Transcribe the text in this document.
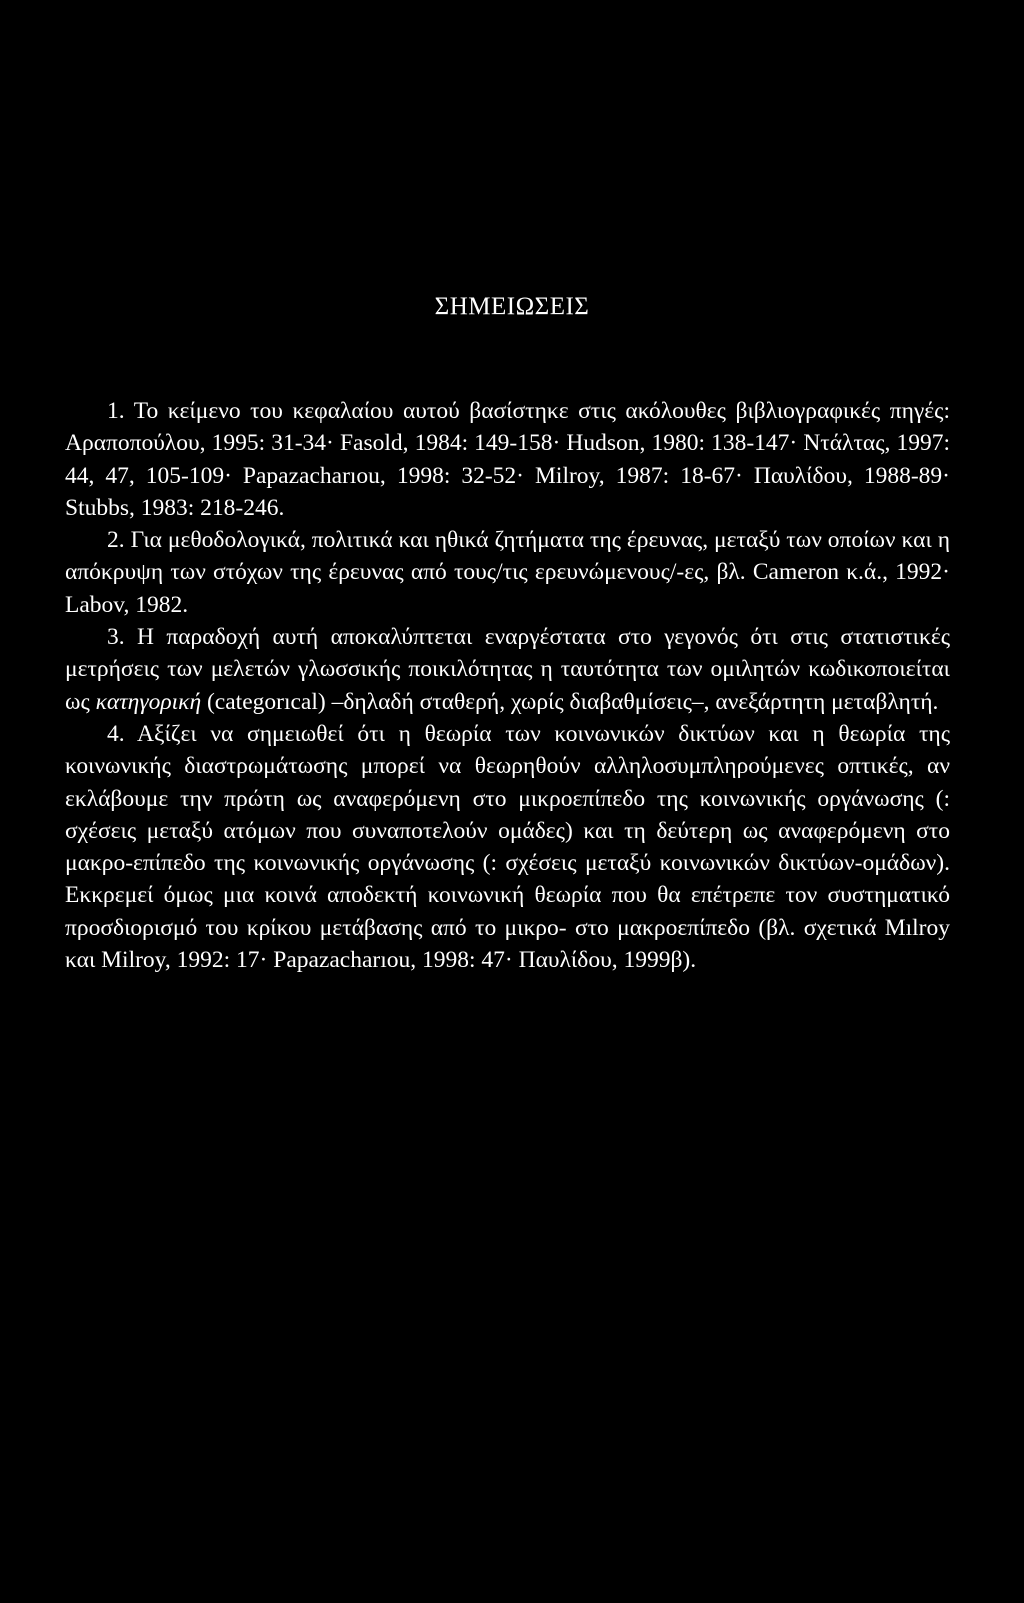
ΣΗΜΕΙΩΣΕΙΣ

1. Το κείμενο του κεφαλαίου αυτού βασίστηκε στις ακόλουθες βιβλιογραφικές πηγές: Αραποπούλου, 1995: 31-34· Fasold, 1984: 149-158· Hudson, 1980: 138-147· Ντάλτας, 1997: 44, 47, 105-109· Papazacharıou, 1998: 32-52· Milroy, 1987: 18-67· Παυλίδου, 1988-89· Stubbs, 1983: 218-246.

2. Για μεθοδολογικά, πολιτικά και ηθικά ζητήματα της έρευνας, μεταξύ των οποίων και η απόκρυψη των στόχων της έρευνας από τους/τις ερευνώμενους/-ες, βλ. Cameron κ.ά., 1992· Labov, 1982.

3. Η παραδοχή αυτή αποκαλύπτεται εναργέστατα στο γεγονός ότι στις στατιστικές μετρήσεις των μελετών γλωσσικής ποικιλότητας η ταυτότητα των ομιλητών κωδικοποιείται ως κατηγορική (categorıcal) –δηλαδή σταθερή, χωρίς διαβαθμίσεις–, ανεξάρτητη μεταβλητή.

4. Αξίζει να σημειωθεί ότι η θεωρία των κοινωνικών δικτύων και η θεωρία της κοινωνικής διαστρωμάτωσης μπορεί να θεωρηθούν αλληλοσυμπληρούμενες οπτικές, αν εκλάβουμε την πρώτη ως αναφερόμενη στο μικροεπίπεδο της κοινωνικής οργάνωσης (: σχέσεις μεταξύ ατόμων που συναποτελούν ομάδες) και τη δεύτερη ως αναφερόμενη στο μακρο-επίπεδο της κοινωνικής οργάνωσης (: σχέσεις μεταξύ κοινωνικών δικτύων-ομάδων). Εκκρεμεί όμως μια κοινά αποδεκτή κοινωνική θεωρία που θα επέτρεπε τον συστηματικό προσδιορισμό του κρίκου μετάβασης από το μικρο- στο μακροεπίπεδο (βλ. σχετικά Mılroy και Milroy, 1992: 17· Papazacharıou, 1998: 47· Παυλίδου, 1999β).
